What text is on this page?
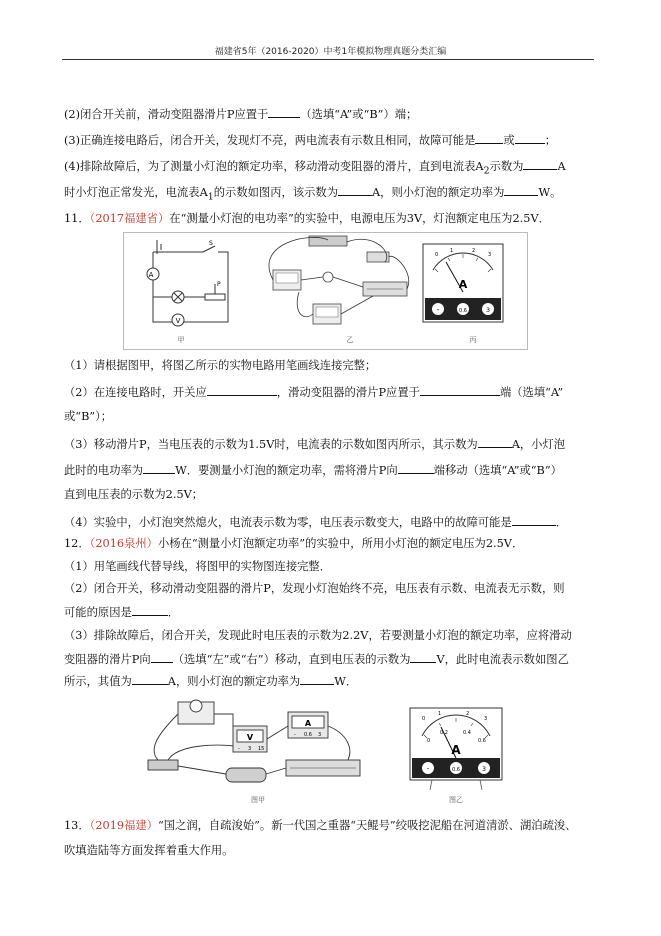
福建省5年（2016-2020）中考1年模拟物理真题分类汇编
(2)闭合开关前，滑动变阻器滑片P应置于	（选填“A”或“B”）端；
(3)正确连接电路后，闭合开关，发现灯不亮，两电流表有示数且相同，故障可能是 或	；
(4)排除故障后，为了测量小灯泡的额定功率，移动滑动变阻器的滑片，直到电流表$A_2$示数为	A
时小灯泡正常发光，电流表$A_1$的示数如图丙，该示数为	A，则小灯泡的额定功率为	W。
11．（2017福建省）在“测量小灯泡的电功率”的实验中，电源电压为3V，灯泡额定电压为2.5V．
A
V
S
P
甲	乙
0
1	2
3
A
-	0.6	3
丙
（1）请根据图甲，将图乙所示的实物电路用笔画线连接完整；
（2）在连接电路时，开关应	，滑动变阻器的滑片P应置于	端（选填“A”
或“B”）；
（3）移动滑片P，当电压表的示数为1.5V时，电流表的示数如图丙所示，其示数为	A，小灯泡
此时的电功率为	W．要测量小灯泡的额定功率，需将滑片P向	端移动（选填“A”或“B”）
直到电压表的示数为2.5V；
（4）实验中，小灯泡突然熄火，电流表示数为零，电压表示数变大，电路中的故障可能是	．
12．（2016泉州）小杨在“测量小灯泡额定功率”的实验中，所用小灯泡的额定电压为2.5V．
（1）用笔画线代替导线，将图甲的实物图连接完整．
（2）闭合开关，移动滑动变阻器的滑片P，发现小灯泡始终不亮，电压表有示数、电流表无示数，则
可能的原因是	．
（3）排除故障后，闭合开关，发现此时电压表的示数为2.2V，若要测量小灯泡的额定功率，应将滑动
变阻器的滑片P向 （选填“左”或“右”）移动，直到电压表的示数为 V，此时电流表示数如图乙
所示，其值为	A，则小灯泡的额定功率为	W．
V
- 3 15
A
- 0.6 3
图甲
0
1	2
3
0
0.2	0.4
0.6
A
-	0.6	3
图乙
13．（2019福建）“国之润，自疏浚始”。新一代国之重器“天鲲号”绞吸挖泥船在河道清淤、湖泊疏浚、
吹填造陆等方面发挥着重大作用。
